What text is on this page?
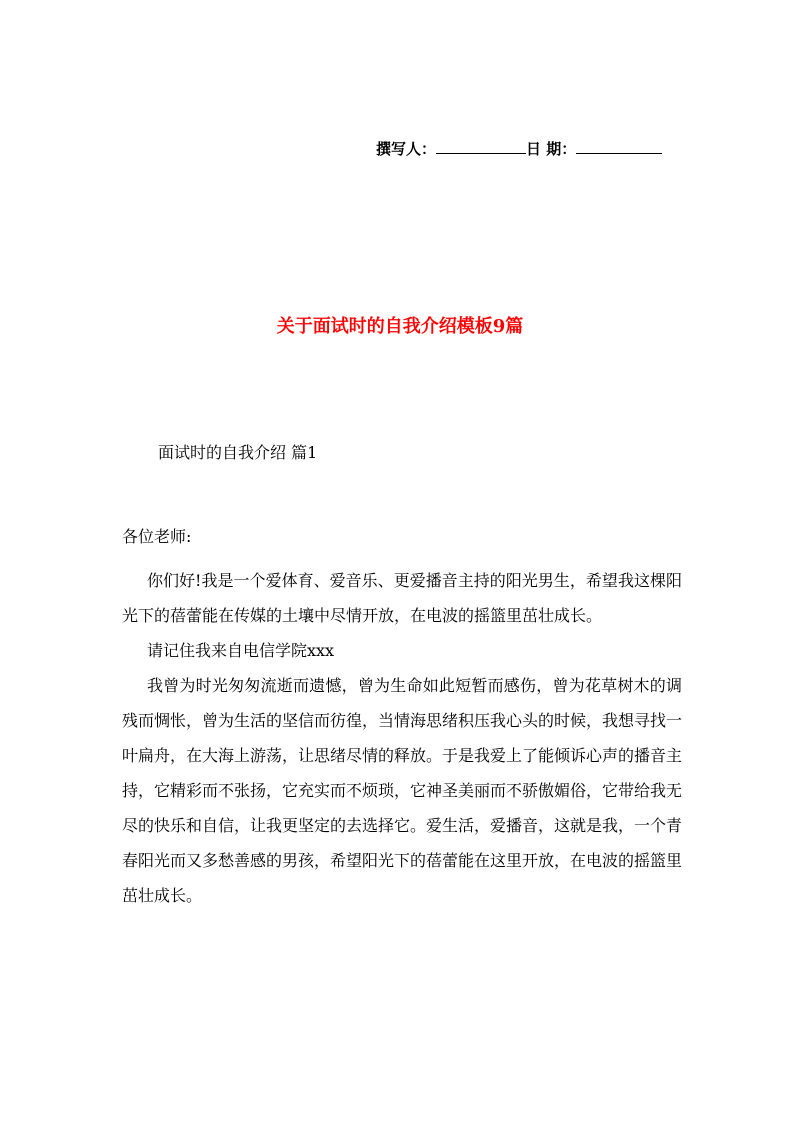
撰写人：	日 期：
关于面试时的自我介绍模板9篇
面试时的自我介绍 篇1
各位老师:

你们好!我是一个爱体育、爱音乐、更爱播音主持的阳光男生，希望我这棵阳光下的蓓蕾能在传媒的土壤中尽情开放，在电波的摇篮里茁壮成长。

请记住我来自电信学院xxx

我曾为时光匆匆流逝而遗憾，曾为生命如此短暂而感伤，曾为花草树木的调残而惆怅，曾为生活的坚信而彷徨，当情海思绪积压我心头的时候，我想寻找一叶扁舟，在大海上游荡，让思绪尽情的释放。于是我爱上了能倾诉心声的播音主持，它精彩而不张扬，它充实而不烦琐，它神圣美丽而不骄傲媚俗，它带给我无尽的快乐和自信，让我更坚定的去选择它。爱生活，爱播音，这就是我，一个青春阳光而又多愁善感的男孩，希望阳光下的蓓蕾能在这里开放，在电波的摇篮里茁壮成长。
